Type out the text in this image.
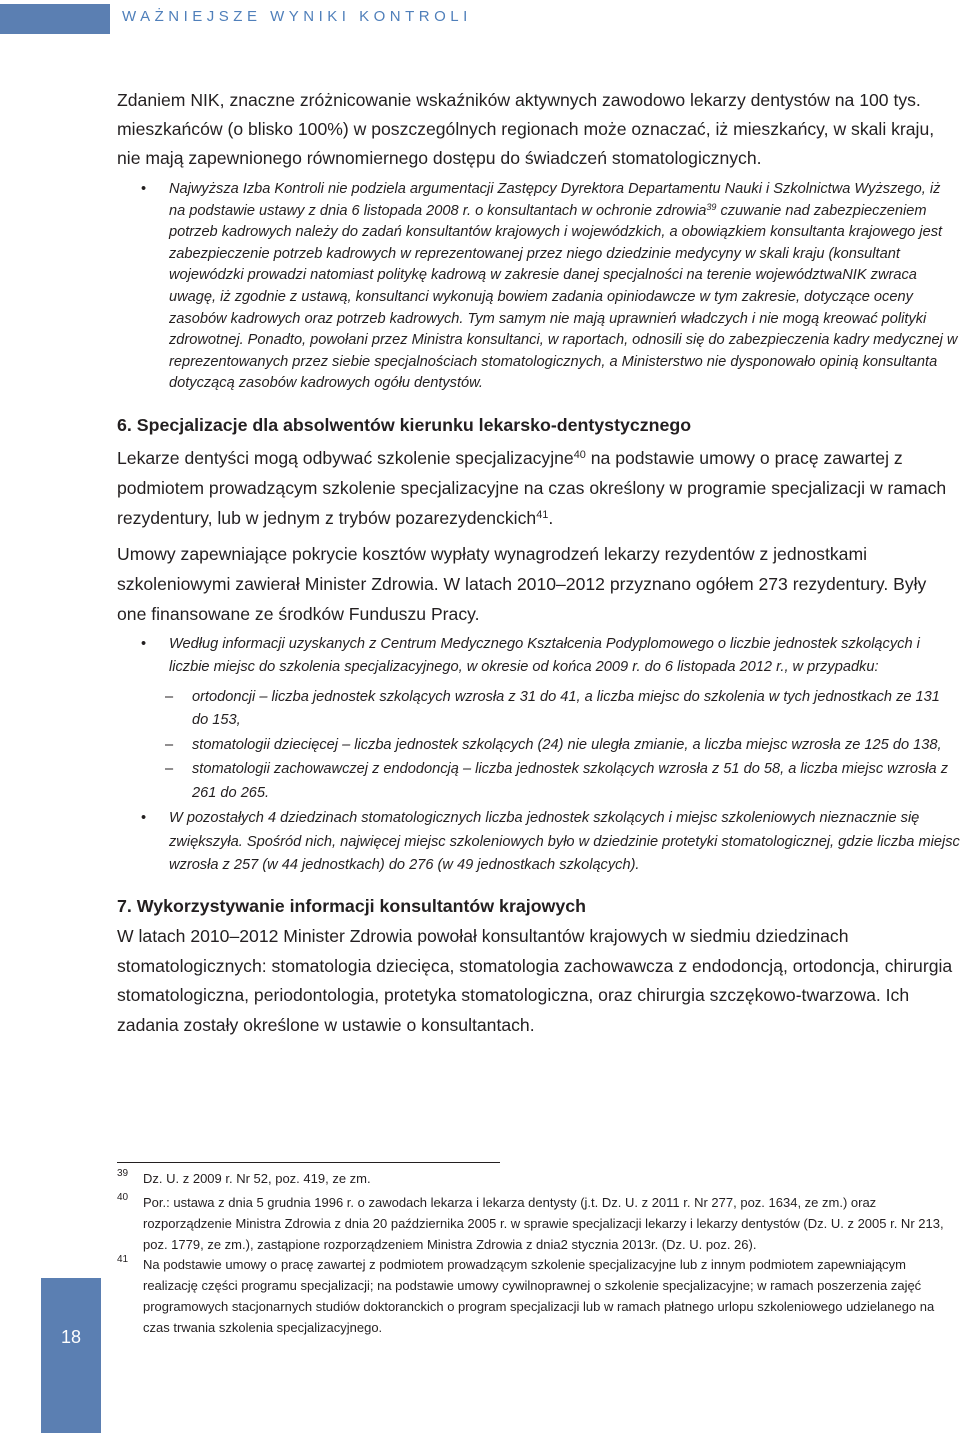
WAŻNIEJSZE WYNIKI KONTROLI

Zdaniem NIK, znaczne zróżnicowanie wskaźników aktywnych zawodowo lekarzy dentystów na 100 tys. mieszkańców (o blisko 100%) w poszczególnych regionach może oznaczać, iż mieszkańcy, w skali kraju, nie mają zapewnionego równomiernego dostępu do świadczeń stomatologicznych.

• Najwyższa Izba Kontroli nie podziela argumentacji Zastępcy Dyrektora Departamentu Nauki i Szkolnictwa Wyższego, iż na podstawie ustawy z dnia 6 listopada 2008 r. o konsultantach w ochronie zdrowia$^{39}$ czuwanie nad zabezpieczeniem potrzeb kadrowych należy do zadań konsultantów krajowych i wojewódzkich, a obowiązkiem konsultanta krajowego jest zabezpieczenie potrzeb kadrowych w reprezentowanej przez niego dziedzinie medycyny w skali kraju (konsultant wojewódzki prowadzi natomiast politykę kadrową w zakresie danej specjalności na terenie województwaNIK zwraca uwagę, iż zgodnie z ustawą, konsultanci wykonują bowiem zadania opiniodawcze w tym zakresie, dotyczące oceny zasobów kadrowych oraz potrzeb kadrowych. Tym samym nie mają uprawnień władczych i nie mogą kreować polityki zdrowotnej. Ponadto, powołani przez Ministra konsultanci, w raportach, odnosili się do zabezpieczenia kadry medycznej w reprezentowanych przez siebie specjalnościach stomatologicznych, a Ministerstwo nie dysponowało opinią konsultanta dotyczącą zasobów kadrowych ogółu dentystów.
6. Specjalizacje dla absolwentów kierunku lekarsko-dentystycznego

Lekarze dentyści mogą odbywać szkolenie specjalizacyjne$^{40}$ na podstawie umowy o pracę zawartej z podmiotem prowadzącym szkolenie specjalizacyjne na czas określony w programie specjalizacji w ramach rezydentury, lub w jednym z trybów pozarezydenckich$^{41}$.

Umowy zapewniające pokrycie kosztów wypłaty wynagrodzeń lekarzy rezydentów z jednostkami szkoleniowymi zawierał Minister Zdrowia. W latach 2010–2012 przyznano ogółem 273 rezydentury. Były one finansowane ze środków Funduszu Pracy.

• Według informacji uzyskanych z Centrum Medycznego Kształcenia Podyplomowego o liczbie jednostek szkolących i liczbie miejsc do szkolenia specjalizacyjnego, w okresie od końca 2009 r. do 6 listopada 2012 r., w przypadku:
– ortodoncji – liczba jednostek szkolących wzrosła z 31 do 41, a liczba miejsc do szkolenia w tych jednostkach ze 131 do 153,
– stomatologii dziecięcej – liczba jednostek szkolących (24) nie uległa zmianie, a liczba miejsc wzrosła ze 125 do 138,
– stomatologii zachowawczej z endodoncją – liczba jednostek szkolących wzrosła z 51 do 58, a liczba miejsc wzrosła z 261 do 265.
• W pozostałych 4 dziedzinach stomatologicznych liczba jednostek szkolących i miejsc szkoleniowych nieznacznie się zwiększyła. Spośród nich, najwięcej miejsc szkoleniowych było w dziedzinie protetyki stomatologicznej, gdzie liczba miejsc wzrosła z 257 (w 44 jednostkach) do 276 (w 49 jednostkach szkolących).
7. Wykorzystywanie informacji konsultantów krajowych

W latach 2010–2012 Minister Zdrowia powołał konsultantów krajowych w siedmiu dziedzinach stomatologicznych: stomatologia dziecięca, stomatologia zachowawcza z endodoncją, ortodoncja, chirurgia stomatologiczna, periodontologia, protetyka stomatologiczna, oraz chirurgia szczękowo-twarzowa. Ich zadania zostały określone w ustawie o konsultantach.

39 Dz. U. z 2009 r. Nr 52, poz. 419, ze zm.
40 Por.: ustawa z dnia 5 grudnia 1996 r. o zawodach lekarza i lekarza dentysty (j.t. Dz. U. z 2011 r. Nr 277, poz. 1634, ze zm.) oraz rozporządzenie Ministra Zdrowia z dnia 20 października 2005 r. w sprawie specjalizacji lekarzy i lekarzy dentystów (Dz. U. z 2005 r. Nr 213, poz. 1779, ze zm.), zastąpione rozporządzeniem Ministra Zdrowia z dnia2 stycznia 2013r. (Dz. U. poz. 26).
41 Na podstawie umowy o pracę zawartej z podmiotem prowadzącym szkolenie specjalizacyjne lub z innym podmiotem zapewniającym realizację części programu specjalizacji; na podstawie umowy cywilnoprawnej o szkolenie specjalizacyjne; w ramach poszerzenia zajęć programowych stacjonarnych studiów doktoranckich o program specjalizacji lub w ramach płatnego urlopu szkoleniowego udzielanego na czas trwania szkolenia specjalizacyjnego.
18
